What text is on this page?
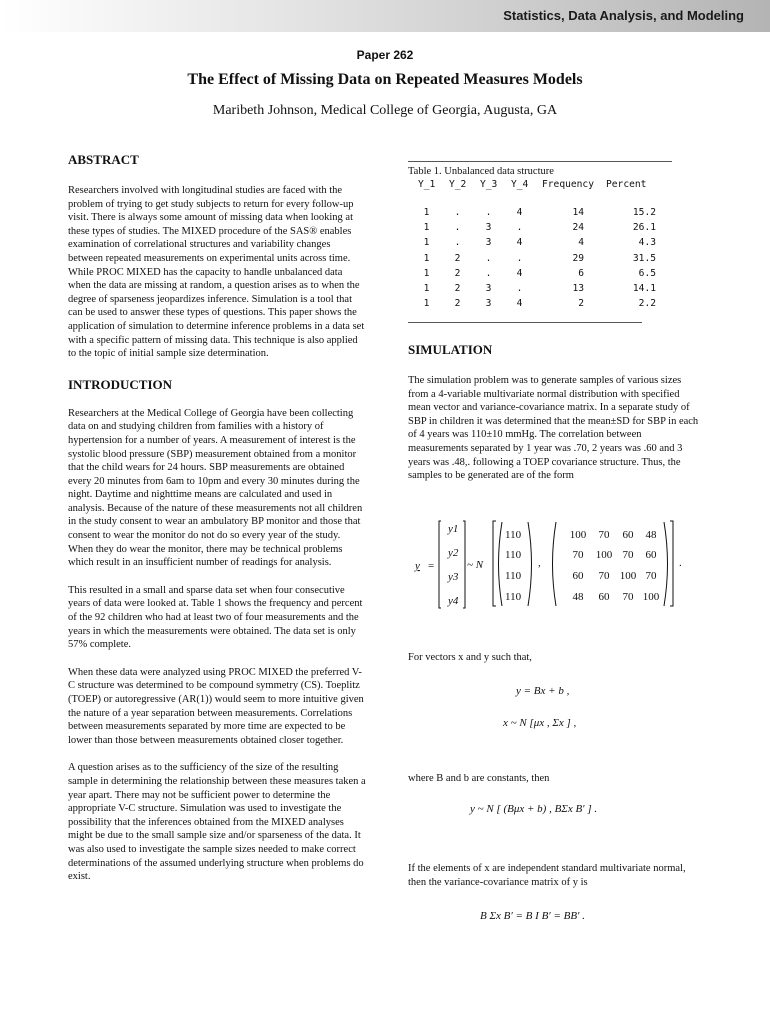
Statistics, Data Analysis, and Modeling
Paper 262
The Effect of Missing Data on Repeated Measures Models
Maribeth Johnson, Medical College of Georgia, Augusta, GA

ABSTRACT

Researchers involved with longitudinal studies are faced with the problem of trying to get study subjects to return for every follow-up visit. There is always some amount of missing data when looking at these types of studies. The MIXED procedure of the SAS® enables examination of correlational structures and variability changes between repeated measurements on experimental units across time. While PROC MIXED has the capacity to handle unbalanced data when the data are missing at random, a question arises as to when the degree of sparseness jeopardizes inference. Simulation is a tool that can be used to answer these types of questions. This paper shows the application of simulation to determine inference problems in a data set with a specific pattern of missing data. This technique is also applied to the topic of initial sample size determination.

INTRODUCTION

Researchers at the Medical College of Georgia have been collecting data on and studying children from families with a history of hypertension for a number of years. A measurement of interest is the systolic blood pressure (SBP) measurement obtained from a monitor that the child wears for 24 hours. SBP measurements are obtained every 20 minutes from 6am to 10pm and every 30 minutes during the night. Daytime and nighttime means are calculated and used in analysis. Because of the nature of these measurements not all children in the study consent to wear an ambulatory BP monitor and those that consent to wear the monitor do not do so every year of the study. When they do wear the monitor, there may be technical problems which result in an insufficient number of readings for analysis.

This resulted in a small and sparse data set when four consecutive years of data were looked at. Table 1 shows the frequency and percent of the 92 children who had at least two of four measurements and the years in which the measurements were obtained. The data set is only 57% complete.

When these data were analyzed using PROC MIXED the preferred V-C structure was determined to be compound symmetry (CS). Toeplitz (TOEP) or autoregressive (AR(1)) would seem to more intuitive given the nature of a year separation between measurements. Correlations between measurements separated by more time are expected to be lower than those between measurements obtained closer together.

A question arises as to the sufficiency of the size of the resulting sample in determining the relationship between these measures taken a year apart. There may not be sufficient power to determine the appropriate V-C structure. Simulation was used to investigate the possibility that the inferences obtained from the MIXED analyses might be due to the small sample size and/or sparseness of the data. It was also used to investigate the sample sizes needed to make correct determinations of the assumed underlying structure when problems do exist.

Table 1. Unbalanced data structure
Y_1	Y_2	Y_3	Y_4	Frequency	Percent

1	.	.	4	14	15.2
1	.	3	.	24	26.1
1	.	3	4	4	4.3
1	2	.	.	29	31.5
1	2	.	4	6	6.5
1	2	3	.	13	14.1
1	2	3	4	2	2.2

SIMULATION

The simulation problem was to generate samples of various sizes from a 4-variable multivariate normal distribution with specified mean vector and variance-covariance matrix. In a separate study of SBP in children it was determined that the mean±SD for SBP in each of 4 years was 110±10 mmHg. The correlation between measurements separated by 1 year was .70, 2 years was .60 and 3 years was .48,. following a TOEP covariance structure. Thus, the samples to be generated are of the form

y =
y1
y2
y3
y4
~ N
110
110
110
110
,
100 70 60 48
70 100 70 60
60 70 100 70
48 60 70 100
.

For vectors x and y such that,

y = Bx + b ,
x ~ N [μx , Σx ] ,

where B and b are constants, then

y ~ N [ (Bμx + b) , BΣx B′ ] .

If the elements of x are independent standard multivariate normal, then the variance-covariance matrix of y is

B Σx B′ = B I B′ = BB′ .
